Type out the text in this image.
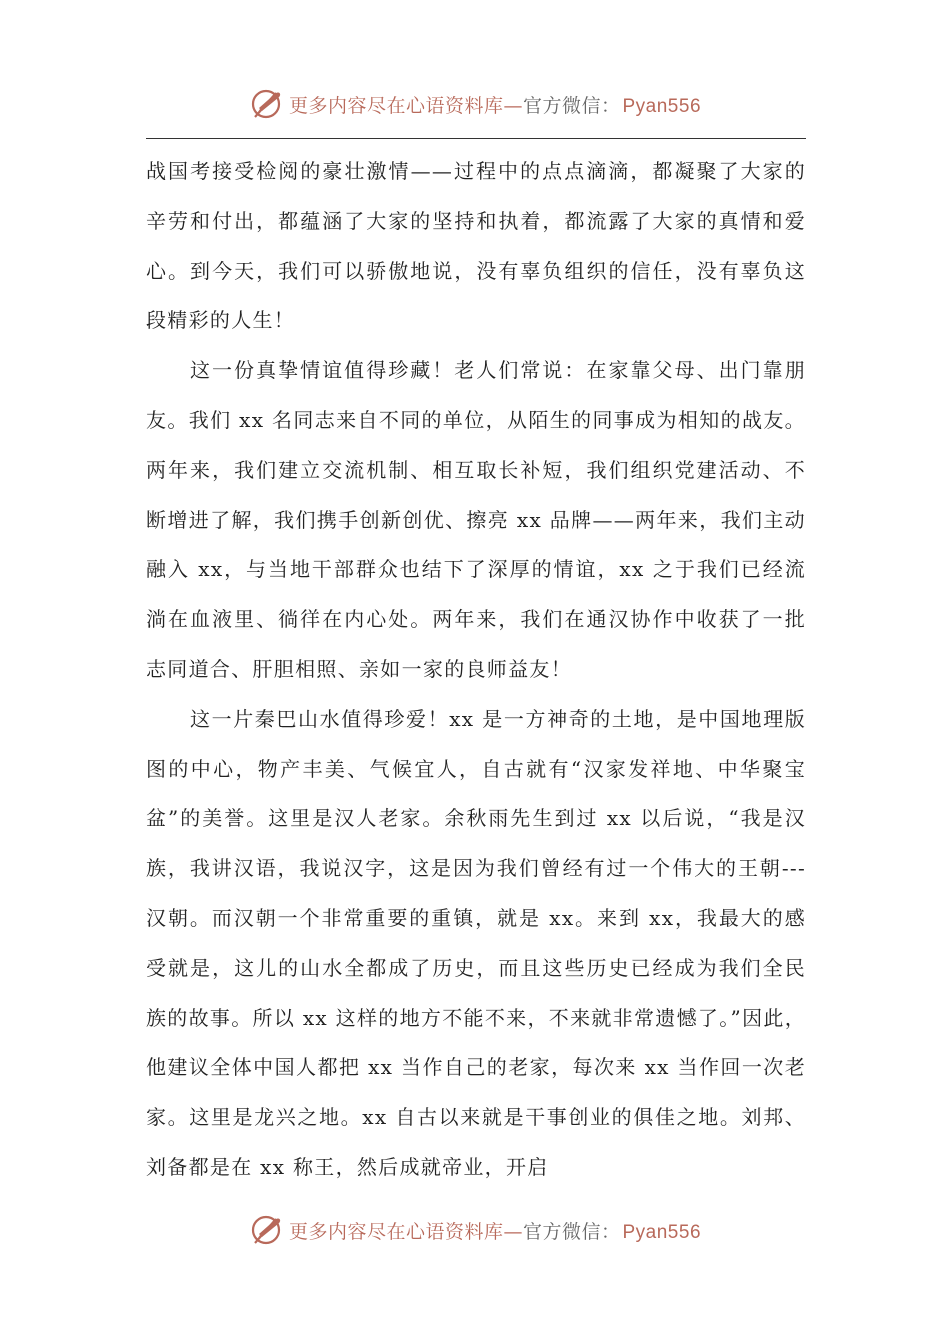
更多内容尽在心语资料库—官方微信： Pyan556

战国考接受检阅的豪壮激情——过程中的点点滴滴，都凝聚了大家的辛劳和付出，都蕴涵了大家的坚持和执着，都流露了大家的真情和爱心。到今天，我们可以骄傲地说，没有辜负组织的信任，没有辜负这段精彩的人生！

这一份真挚情谊值得珍藏！老人们常说：在家靠父母、出门靠朋友。我们 xx 名同志来自不同的单位，从陌生的同事成为相知的战友。两年来，我们建立交流机制、相互取长补短，我们组织党建活动、不断增进了解，我们携手创新创优、擦亮 xx 品牌——两年来，我们主动融入 xx，与当地干部群众也结下了深厚的情谊，xx 之于我们已经流淌在血液里、徜徉在内心处。两年来，我们在通汉协作中收获了一批志同道合、肝胆相照、亲如一家的良师益友！

这一片秦巴山水值得珍爱！xx 是一方神奇的土地，是中国地理版图的中心，物产丰美、气候宜人，自古就有“汉家发祥地、中华聚宝盆”的美誉。这里是汉人老家。余秋雨先生到过 xx 以后说，“我是汉族，我讲汉语，我说汉字，这是因为我们曾经有过一个伟大的王朝---汉朝。而汉朝一个非常重要的重镇，就是 xx。来到 xx，我最大的感受就是，这儿的山水全都成了历史，而且这些历史已经成为我们全民族的故事。所以 xx 这样的地方不能不来，不来就非常遗憾了。”因此，他建议全体中国人都把 xx 当作自己的老家，每次来 xx 当作回一次老家。这里是龙兴之地。xx 自古以来就是干事创业的俱佳之地。刘邦、刘备都是在 xx 称王，然后成就帝业，开启

更多内容尽在心语资料库—官方微信： Pyan556
